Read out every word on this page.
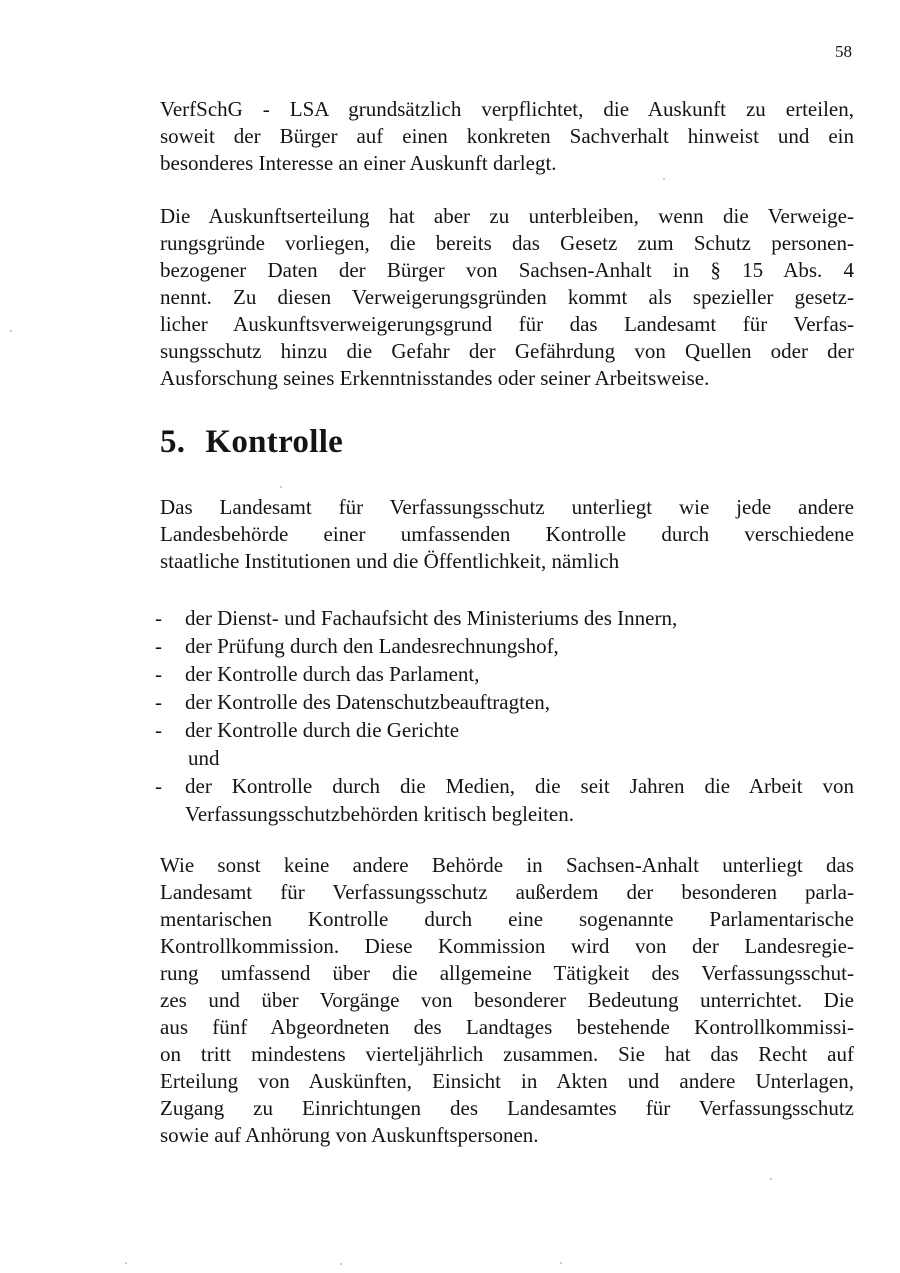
58
VerfSchG - LSA grundsätzlich verpflichtet, die Auskunft zu erteilen,
soweit der Bürger auf einen konkreten Sachverhalt hinweist und ein
besonderes Interesse an einer Auskunft darlegt.
Die Auskunftserteilung hat aber zu unterbleiben, wenn die Verweige-
rungsgründe vorliegen, die bereits das Gesetz zum Schutz personen-
bezogener Daten der Bürger von Sachsen-Anhalt in § 15 Abs. 4
nennt. Zu diesen Verweigerungsgründen kommt als spezieller gesetz-
licher Auskunftsverweigerungsgrund für das Landesamt für Verfas-
sungsschutz hinzu die Gefahr der Gefährdung von Quellen oder der
Ausforschung seines Erkenntnisstandes oder seiner Arbeitsweise.
5. Kontrolle
Das Landesamt für Verfassungsschutz unterliegt wie jede andere
Landesbehörde einer umfassenden Kontrolle durch verschiedene
staatliche Institutionen und die Öffentlichkeit, nämlich
- der Dienst- und Fachaufsicht des Ministeriums des Innern,
- der Prüfung durch den Landesrechnungshof,
- der Kontrolle durch das Parlament,
- der Kontrolle des Datenschutzbeauftragten,
- der Kontrolle durch die Gerichte
und
- der Kontrolle durch die Medien, die seit Jahren die Arbeit von
Verfassungsschutzbehörden kritisch begleiten.
Wie sonst keine andere Behörde in Sachsen-Anhalt unterliegt das
Landesamt für Verfassungsschutz außerdem der besonderen parla-
mentarischen Kontrolle durch eine sogenannte Parlamentarische
Kontrollkommission. Diese Kommission wird von der Landesregie-
rung umfassend über die allgemeine Tätigkeit des Verfassungsschut-
zes und über Vorgänge von besonderer Bedeutung unterrichtet. Die
aus fünf Abgeordneten des Landtages bestehende Kontrollkommissi-
on tritt mindestens vierteljährlich zusammen. Sie hat das Recht auf
Erteilung von Auskünften, Einsicht in Akten und andere Unterlagen,
Zugang zu Einrichtungen des Landesamtes für Verfassungsschutz
sowie auf Anhörung von Auskunftspersonen.
